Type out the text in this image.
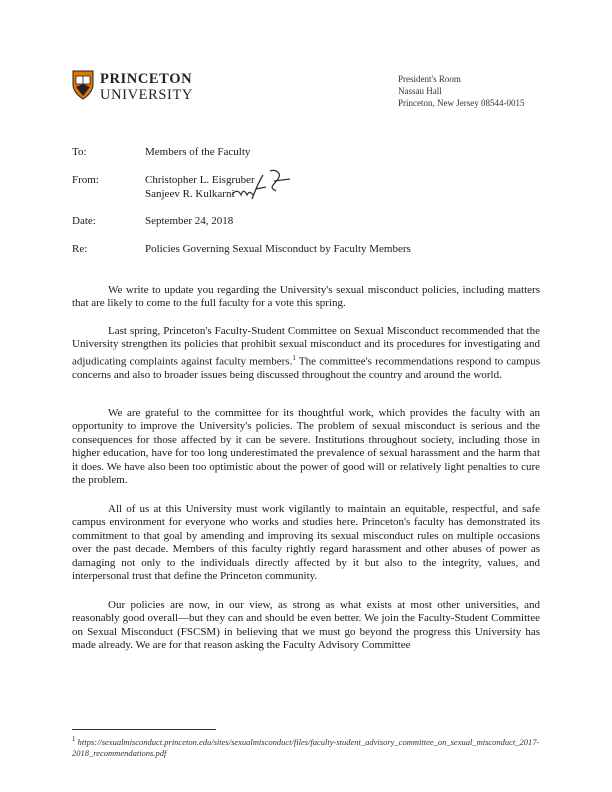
PRINCETON
UNIVERSITY
President's Room
Nassau Hall
Princeton, New Jersey 08544-0015
To:	Members of the Faculty
From:	Christopher L. Eisgruber
Sanjeev R. Kulkarni
Date:	September 24, 2018
Re:	Policies Governing Sexual Misconduct by Faculty Members

We write to update you regarding the University's sexual misconduct policies, including matters that are likely to come to the full faculty for a vote this spring.

Last spring, Princeton's Faculty-Student Committee on Sexual Misconduct recommended that the University strengthen its policies that prohibit sexual misconduct and its procedures for investigating and adjudicating complaints against faculty members.$^1$ The committee's recommendations respond to campus concerns and also to broader issues being discussed throughout the country and around the world.

We are grateful to the committee for its thoughtful work, which provides the faculty with an opportunity to improve the University's policies. The problem of sexual misconduct is serious and the consequences for those affected by it can be severe. Institutions throughout society, including those in higher education, have for too long underestimated the prevalence of sexual harassment and the harm that it does. We have also been too optimistic about the power of good will or relatively light penalties to cure the problem.

All of us at this University must work vigilantly to maintain an equitable, respectful, and safe campus environment for everyone who works and studies here. Princeton's faculty has demonstrated its commitment to that goal by amending and improving its sexual misconduct rules on multiple occasions over the past decade. Members of this faculty rightly regard harassment and other abuses of power as damaging not only to the individuals directly affected by it but also to the integrity, values, and interpersonal trust that define the Princeton community.

Our policies are now, in our view, as strong as what exists at most other universities, and reasonably good overall—but they can and should be even better. We join the Faculty-Student Committee on Sexual Misconduct (FSCSM) in believing that we must go beyond the progress this University has made already. We are for that reason asking the Faculty Advisory Committee

$^1$ https://sexualmisconduct.princeton.edu/sites/sexualmisconduct/files/faculty-student_advisory_committee_on_sexual_misconduct_2017-2018_recommendations.pdf
